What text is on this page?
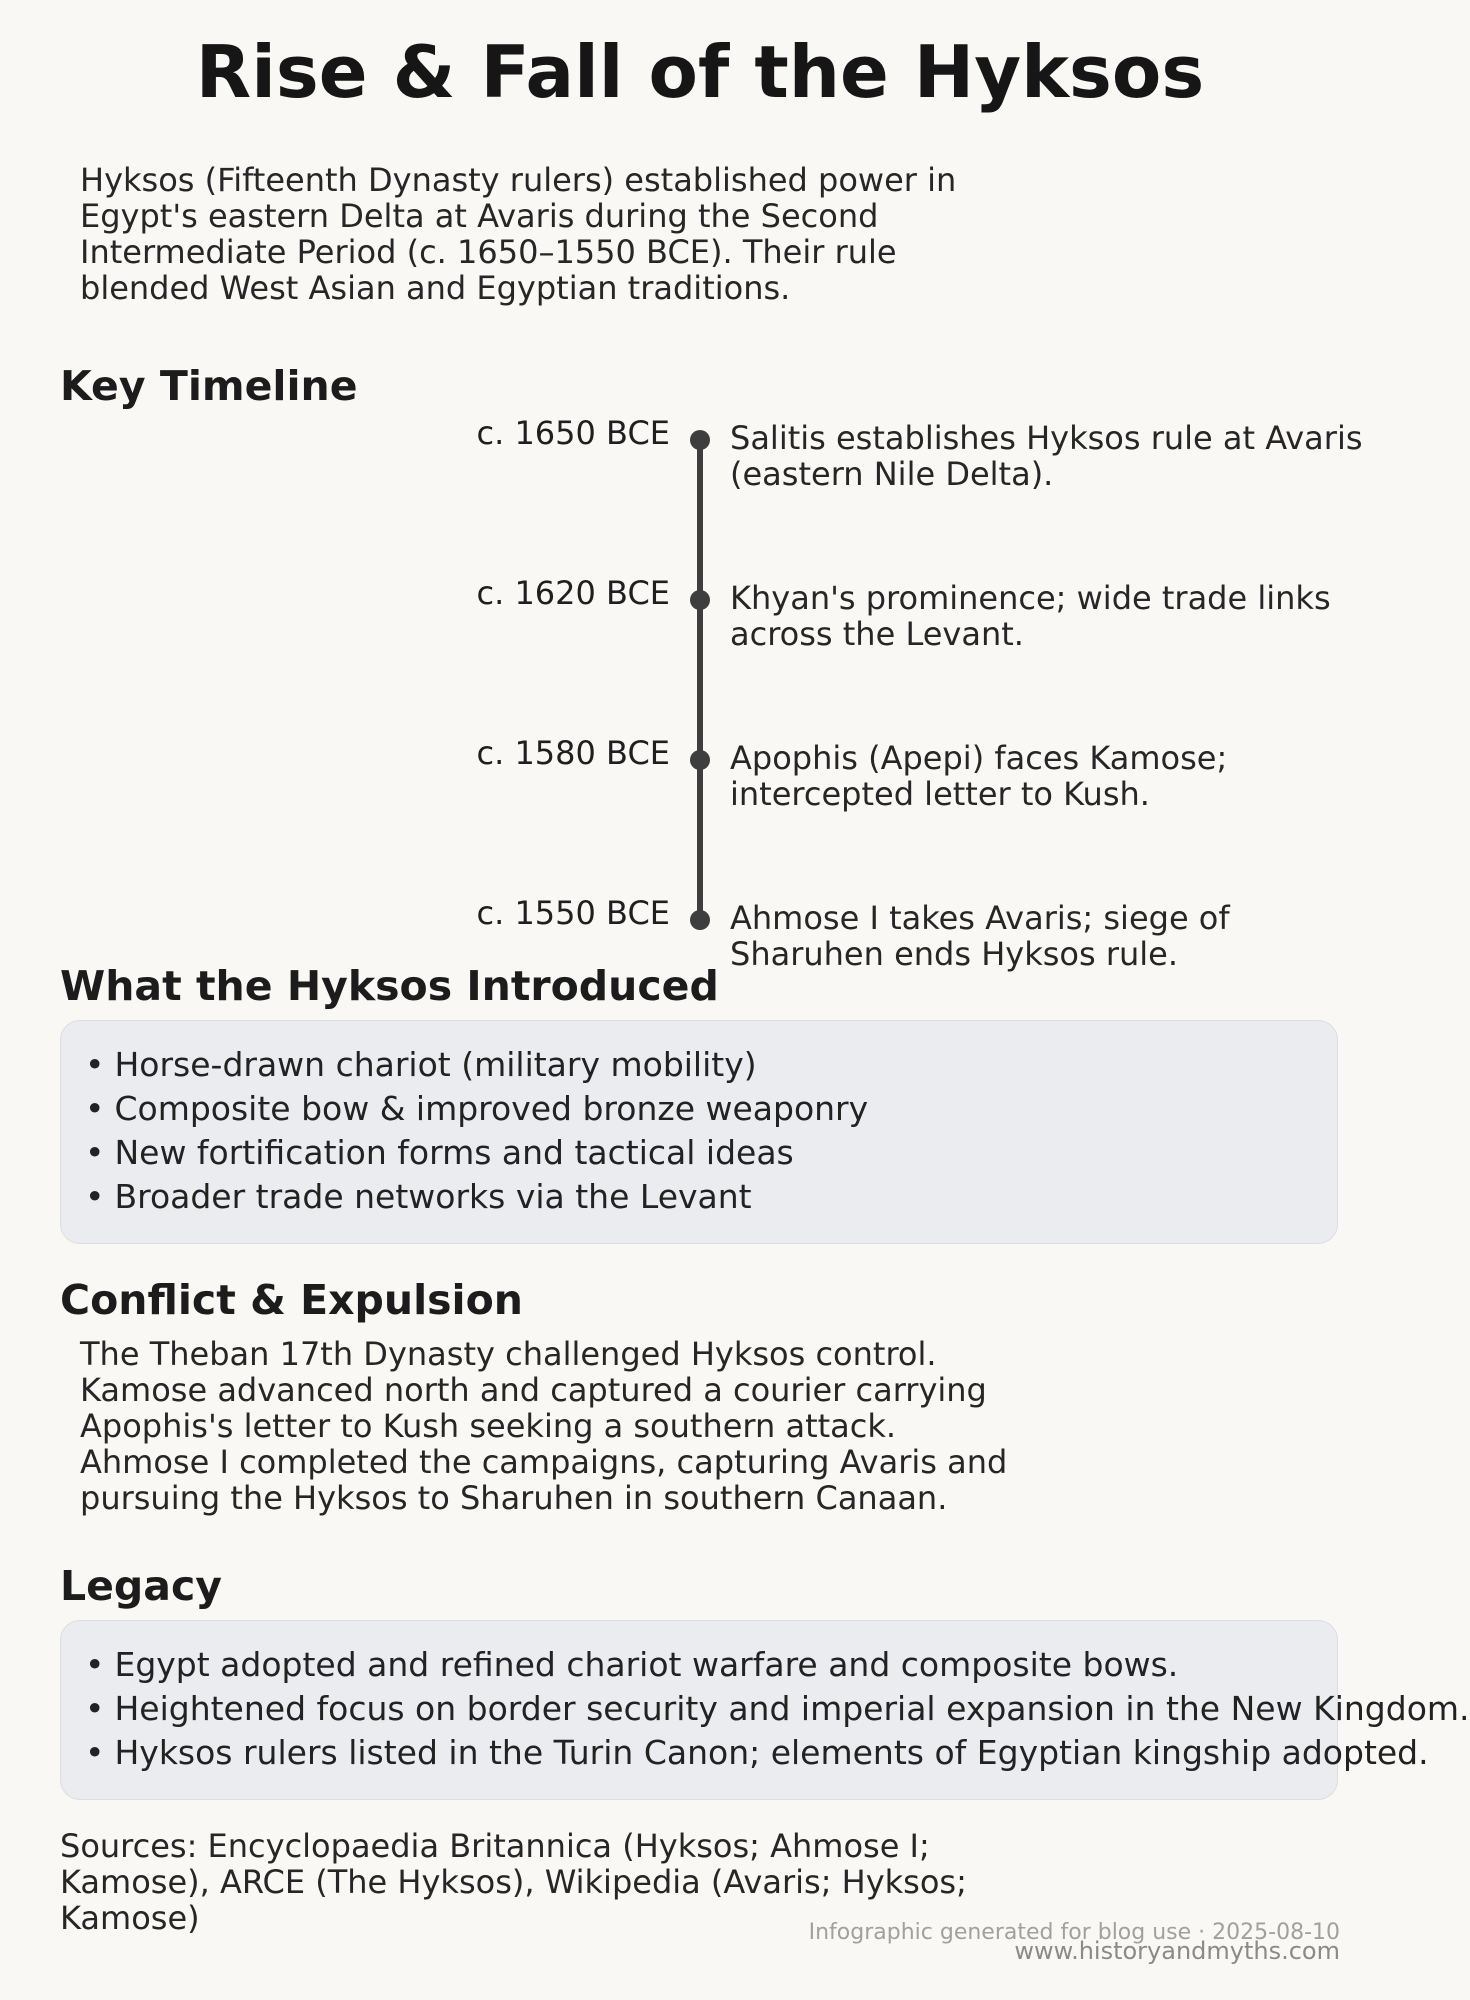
Rise & Fall of the Hyksos

Hyksos (Fifteenth Dynasty rulers) established power in Egypt's eastern Delta at Avaris during the Second Intermediate Period (c. 1650–1550 BCE). Their rule blended West Asian and Egyptian traditions.

Key Timeline
c. 1650 BCE Salitis establishes Hyksos rule at Avaris (eastern Nile Delta).
c. 1620 BCE Khyan's prominence; wide trade links across the Levant.
c. 1580 BCE Apophis (Apepi) faces Kamose; intercepted letter to Kush.
c. 1550 BCE Ahmose I takes Avaris; siege of Sharuhen ends Hyksos rule.
What the Hyksos Introduced
• Horse-drawn chariot (military mobility)
• Composite bow & improved bronze weaponry
• New fortification forms and tactical ideas
• Broader trade networks via the Levant
Conflict & Expulsion

The Theban 17th Dynasty challenged Hyksos control. Kamose advanced north and captured a courier carrying Apophis's letter to Kush seeking a southern attack. Ahmose I completed the campaigns, capturing Avaris and pursuing the Hyksos to Sharuhen in southern Canaan.

Legacy
• Egypt adopted and refined chariot warfare and composite bows.
• Heightened focus on border security and imperial expansion in the New Kingdom.
• Hyksos rulers listed in the Turin Canon; elements of Egyptian kingship adopted.
Sources: Encyclopaedia Britannica (Hyksos; Ahmose I; Kamose), ARCE (The Hyksos), Wikipedia (Avaris; Hyksos; Kamose)	Infographic generated for blog use · 2025-08-10
www.historyandmyths.com
